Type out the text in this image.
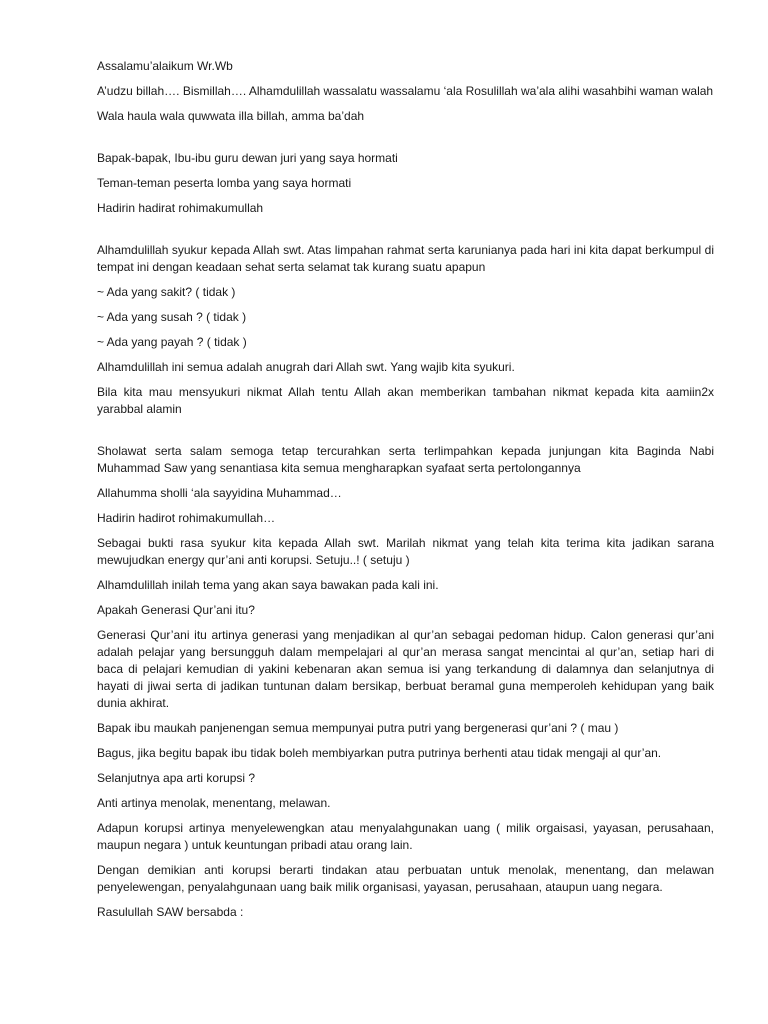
Assalamu’alaikum Wr.Wb

A’udzu billah…. Bismillah…. Alhamdulillah wassalatu wassalamu ‘ala Rosulillah wa’ala alihi wasahbihi waman walah

Wala haula wala quwwata illa billah, amma ba’dah

Bapak-bapak, Ibu-ibu guru dewan juri yang saya hormati

Teman-teman peserta lomba yang saya hormati

Hadirin hadirat rohimakumullah

Alhamdulillah syukur kepada Allah swt. Atas limpahan rahmat serta karunianya pada hari ini kita dapat berkumpul di tempat ini dengan keadaan sehat serta selamat tak kurang suatu apapun

~ Ada yang sakit? ( tidak )

~ Ada yang susah ? ( tidak )

~ Ada yang payah ? ( tidak )

Alhamdulillah ini semua adalah anugrah dari Allah swt. Yang wajib kita syukuri.

Bila kita mau mensyukuri nikmat Allah tentu Allah akan memberikan tambahan nikmat kepada kita aamiin2x yarabbal alamin

Sholawat serta salam semoga tetap tercurahkan serta terlimpahkan kepada junjungan kita Baginda Nabi Muhammad Saw yang senantiasa kita semua mengharapkan syafaat serta pertolongannya

Allahumma sholli ‘ala sayyidina Muhammad…

Hadirin hadirot rohimakumullah…

Sebagai bukti rasa syukur kita kepada Allah swt. Marilah nikmat yang telah kita terima kita jadikan sarana mewujudkan energy qur’ani anti korupsi. Setuju..! ( setuju )

Alhamdulillah inilah tema yang akan saya bawakan pada kali ini.

Apakah Generasi Qur’ani itu?

Generasi Qur’ani itu artinya generasi yang menjadikan al qur’an sebagai pedoman hidup. Calon generasi qur’ani adalah pelajar yang bersungguh dalam mempelajari al qur’an merasa sangat mencintai al qur’an, setiap hari di baca di pelajari kemudian di yakini kebenaran akan semua isi yang terkandung di dalamnya dan selanjutnya di hayati di jiwai serta di jadikan tuntunan dalam bersikap, berbuat beramal guna memperoleh kehidupan yang baik dunia akhirat.

Bapak ibu maukah panjenengan semua mempunyai putra putri yang bergenerasi qur’ani ? ( mau )

Bagus, jika begitu bapak ibu tidak boleh membiyarkan putra putrinya berhenti atau tidak mengaji al qur’an.

Selanjutnya apa arti korupsi ?

Anti artinya menolak, menentang, melawan.

Adapun korupsi artinya menyelewengkan atau menyalahgunakan uang ( milik orgaisasi, yayasan, perusahaan, maupun negara ) untuk keuntungan pribadi atau orang lain.

Dengan demikian anti korupsi berarti tindakan atau perbuatan untuk menolak, menentang, dan melawan penyelewengan, penyalahgunaan uang baik milik organisasi, yayasan, perusahaan, ataupun uang negara.

Rasulullah SAW bersabda :
